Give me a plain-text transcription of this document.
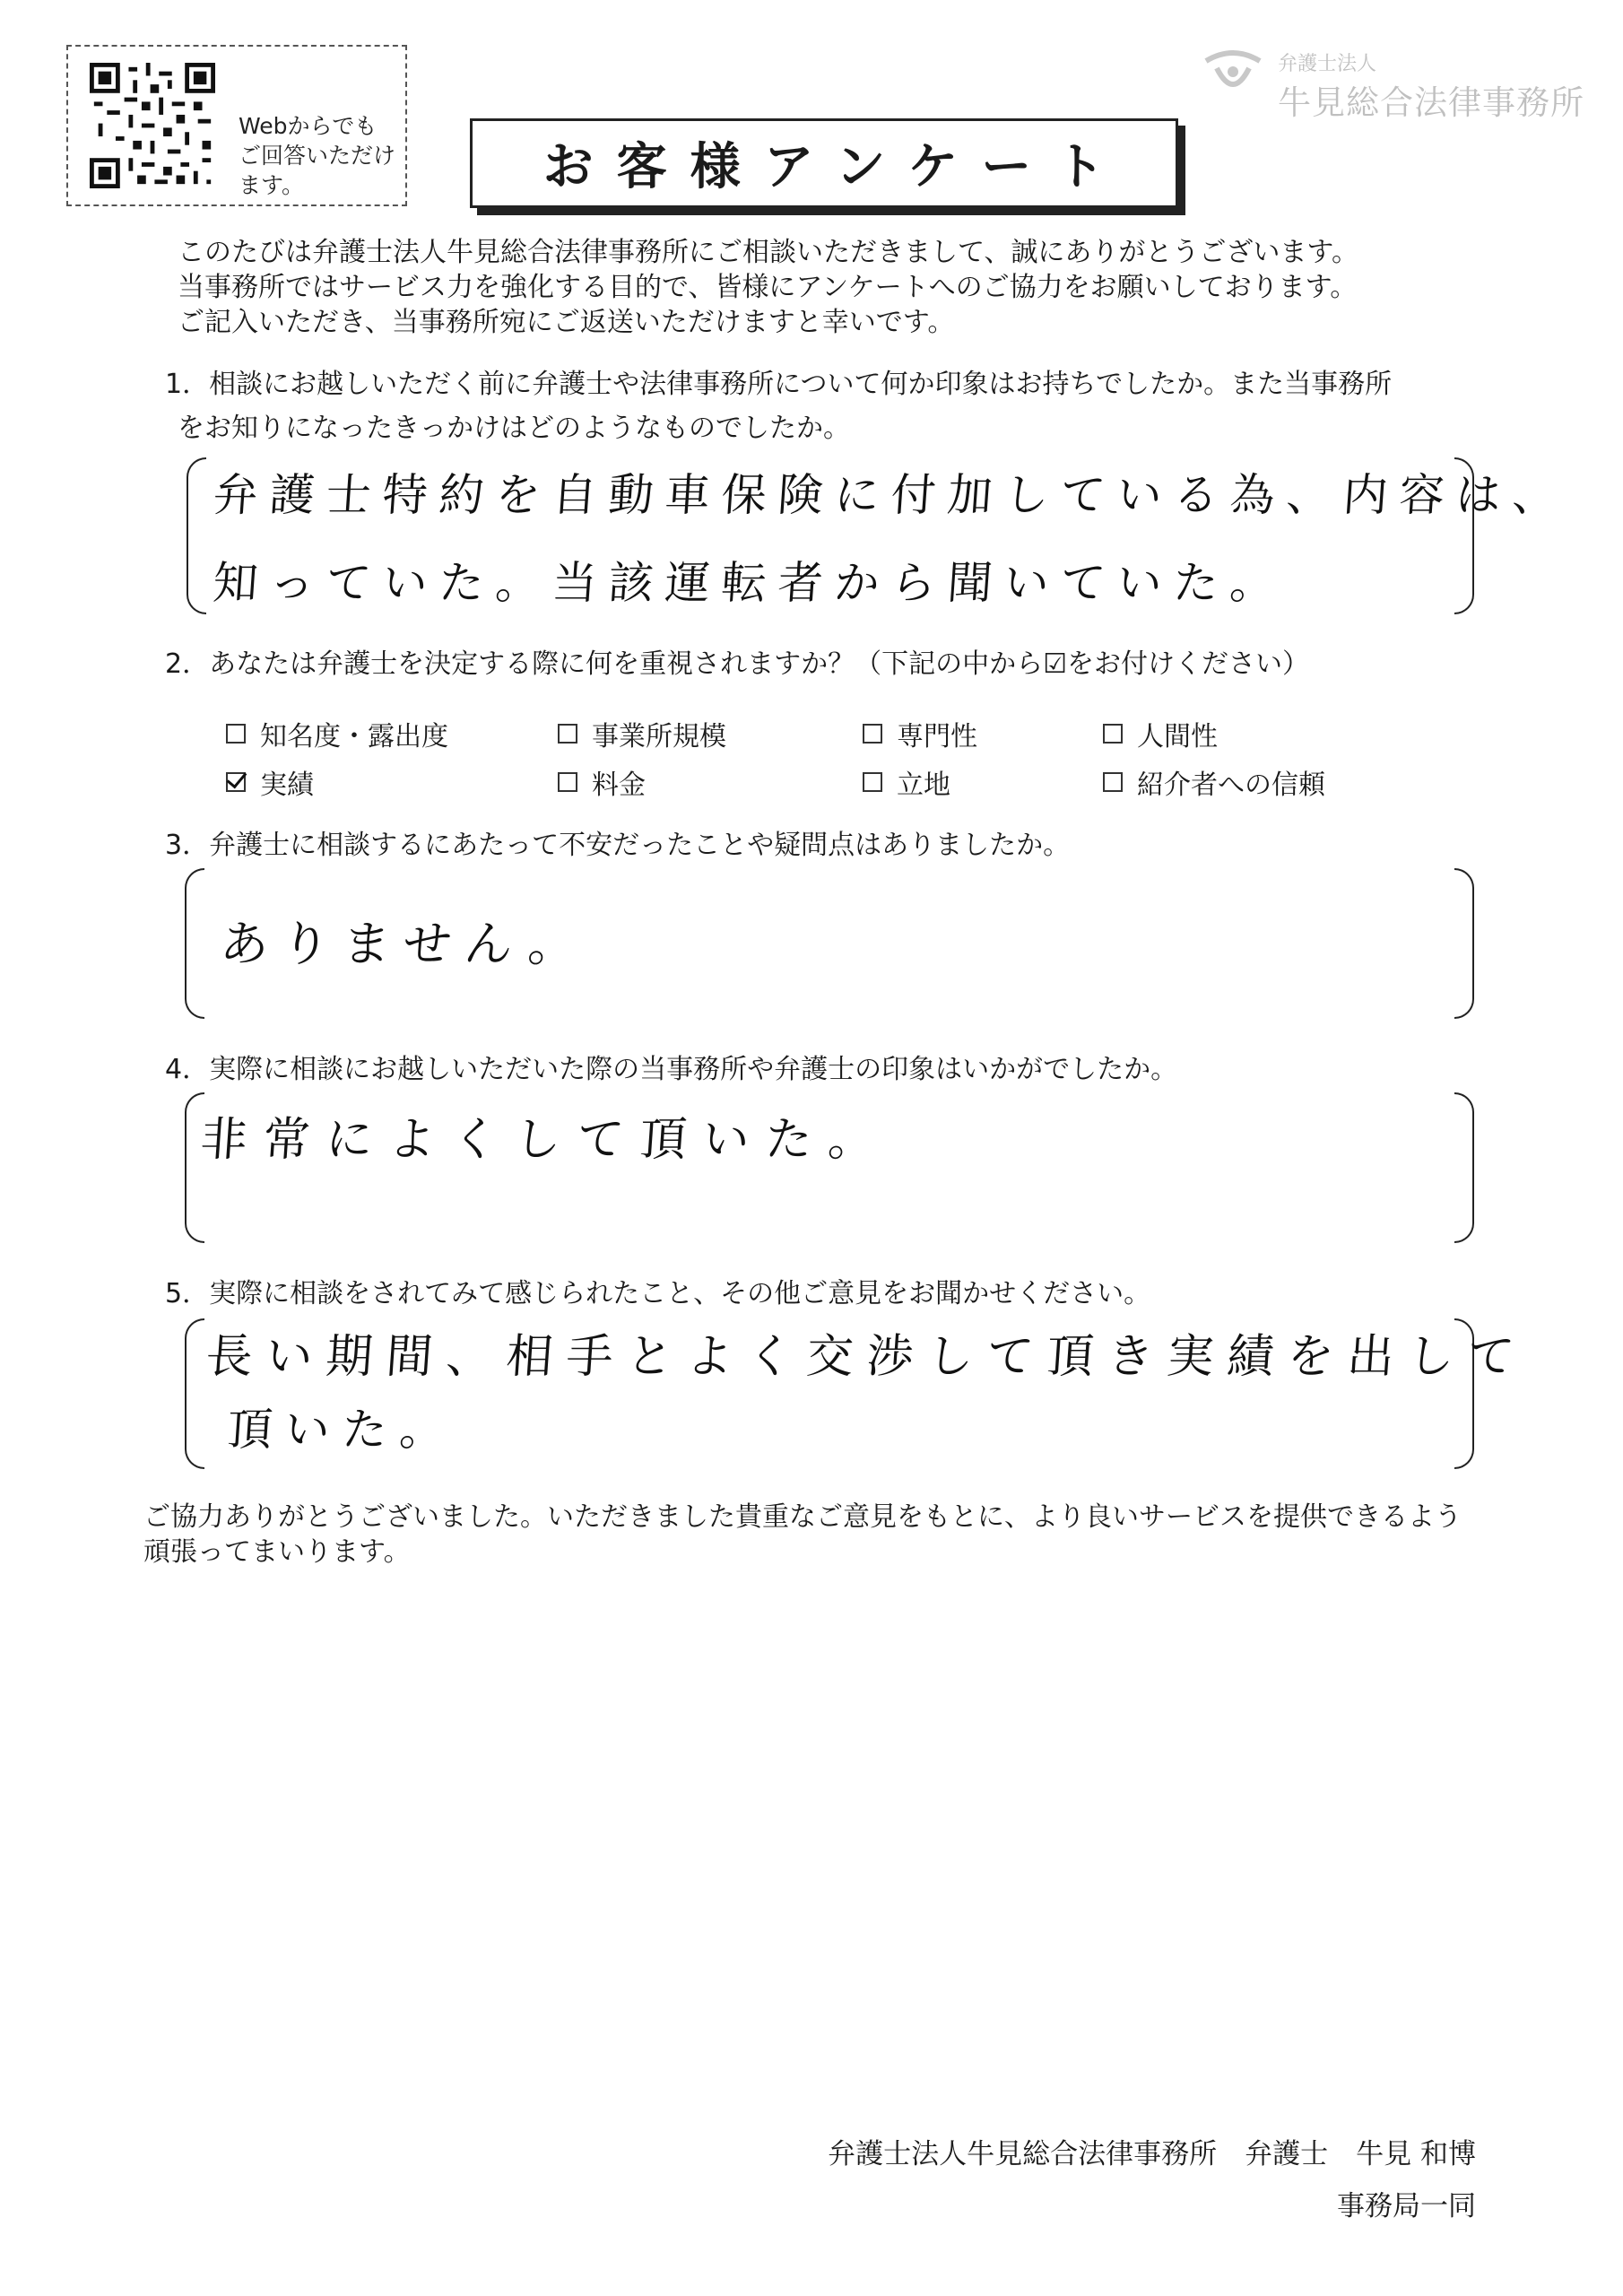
Webからでも
ご回答いただけ
ます。	お客様アンケート
弁護士法人
牛見総合法律事務所
このたびは弁護士法人牛見総合法律事務所にご相談いただきまして、誠にありがとうございます。
当事務所ではサービス力を強化する目的で、皆様にアンケートへのご協力をお願いしております。
ご記入いただき、当事務所宛にご返送いただけますと幸いです。
1．相談にお越しいただく前に弁護士や法律事務所について何か印象はお持ちでしたか。また当事務所
をお知りになったきっかけはどのようなものでしたか。
弁護士特約を自動車保険に付加している為、内容は、
知っていた。当該運転者から聞いていた。
2．あなたは弁護士を決定する際に何を重視されますか？（下記の中から☑をお付けください）
知名度・露出度	事業所規模	専門性	人間性
実績	料金	立地	紹介者への信頼
3．弁護士に相談するにあたって不安だったことや疑問点はありましたか。
ありません。
4．実際に相談にお越しいただいた際の当事務所や弁護士の印象はいかがでしたか。
非常によくして頂いた。
5．実際に相談をされてみて感じられたこと、その他ご意見をお聞かせください。
長い期間、相手とよく交渉して頂き実績を出して
頂いた。
ご協力ありがとうございました。いただきました貴重なご意見をもとに、より良いサービスを提供できるよう
頑張ってまいります。
弁護士法人牛見総合法律事務所　弁護士　牛見 和博
事務局一同
